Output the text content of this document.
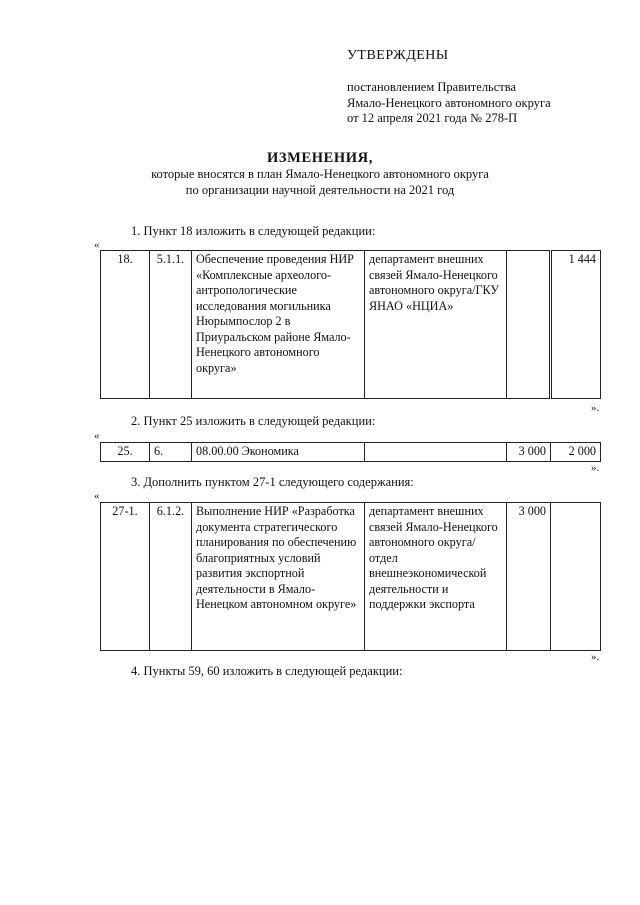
УТВЕРЖДЕНЫ
постановлением Правительства
Ямало-Ненецкого автономного округа
от 12 апреля 2021 года № 278-П
ИЗМЕНЕНИЯ,
которые вносятся в план Ямало-Ненецкого автономного округа
по организации научной деятельности на 2021 год
1. Пункт 18 изложить в следующей редакции:
«
18.	5.1.1.	Обеспечение проведения НИР «Комплексные археолого-антропологические исследования могильника Нюрымпослор 2 в Приуральском районе Ямало-Ненецкого автономного округа»	департамент внешних связей Ямало-Ненецкого автономного округа/ГКУ ЯНАО «НЦИА»		1 444
».
2. Пункт 25 изложить в следующей редакции:
«
25.	6.	08.00.00 Экономика		3 000	2 000
».
3. Дополнить пунктом 27-1 следующего содержания:
«
27-1.	6.1.2.	Выполнение НИР «Разработка документа стратегического планирования по обеспечению благоприятных условий развития экспортной деятельности в Ямало-Ненецком автономном округе»	департамент внешних связей Ямало-Ненецкого автономного округа/отдел внешнеэкономической деятельности и поддержки экспорта	3 000	
».
4. Пункты 59, 60 изложить в следующей редакции:
